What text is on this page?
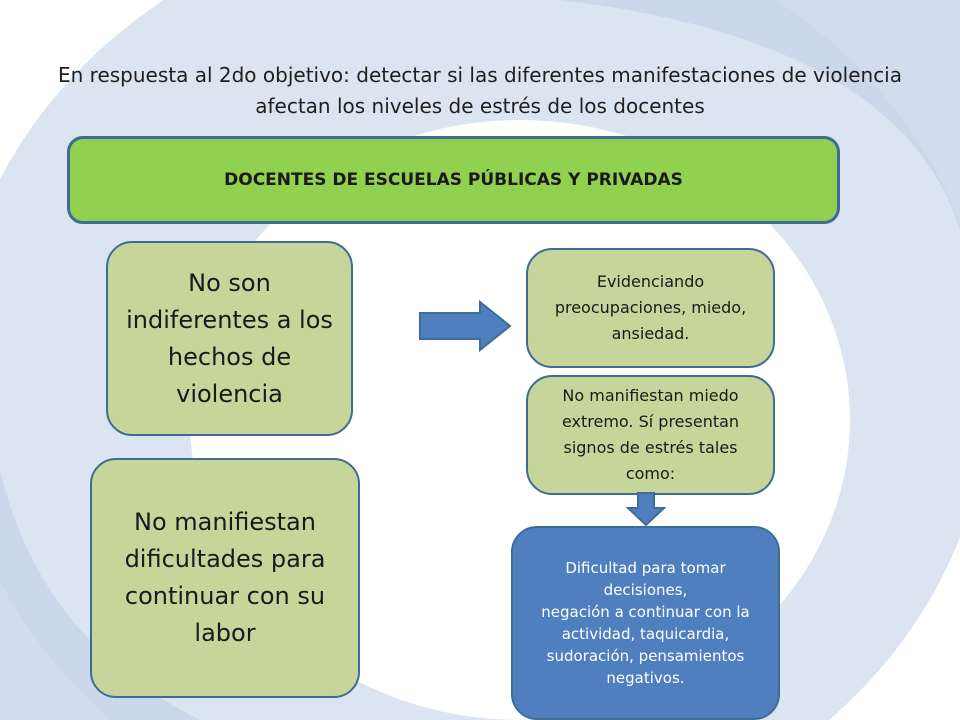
En respuesta al 2do objetivo: detectar si las diferentes manifestaciones de violencia afectan los niveles de estrés de los docentes
DOCENTES DE ESCUELAS PÚBLICAS Y PRIVADAS
No son indiferentes a los hechos de violencia
No manifiestan dificultades para continuar con su labor
Evidenciando preocupaciones, miedo, ansiedad.
No manifiestan miedo extremo. Sí presentan signos de estrés tales como:
Dificultad para tomar decisiones,
negación a continuar con la actividad, taquicardia, sudoración, pensamientos negativos.
